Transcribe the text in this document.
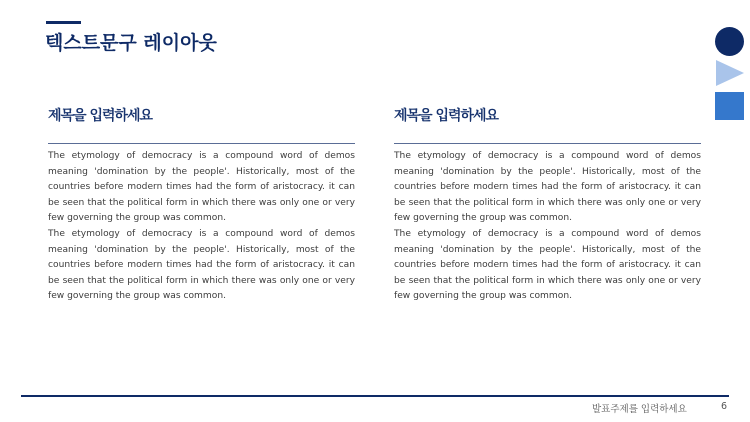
텍스트문구 레이아웃
제목을 입력하세요

The etymology of democracy is a compound word of demos meaning 'domination by the people'. Historically, most of the countries before modern times had the form of aristocracy. it can be seen that the political form in which there was only one or very few governing the group was common.

The etymology of democracy is a compound word of demos meaning 'domination by the people'. Historically, most of the countries before modern times had the form of aristocracy. it can be seen that the political form in which there was only one or very few governing the group was common.

제목을 입력하세요

The etymology of democracy is a compound word of demos meaning 'domination by the people'. Historically, most of the countries before modern times had the form of aristocracy. it can be seen that the political form in which there was only one or very few governing the group was common.

The etymology of democracy is a compound word of demos meaning 'domination by the people'. Historically, most of the countries before modern times had the form of aristocracy. it can be seen that the political form in which there was only one or very few governing the group was common.

발표주제를 입력하세요	6
